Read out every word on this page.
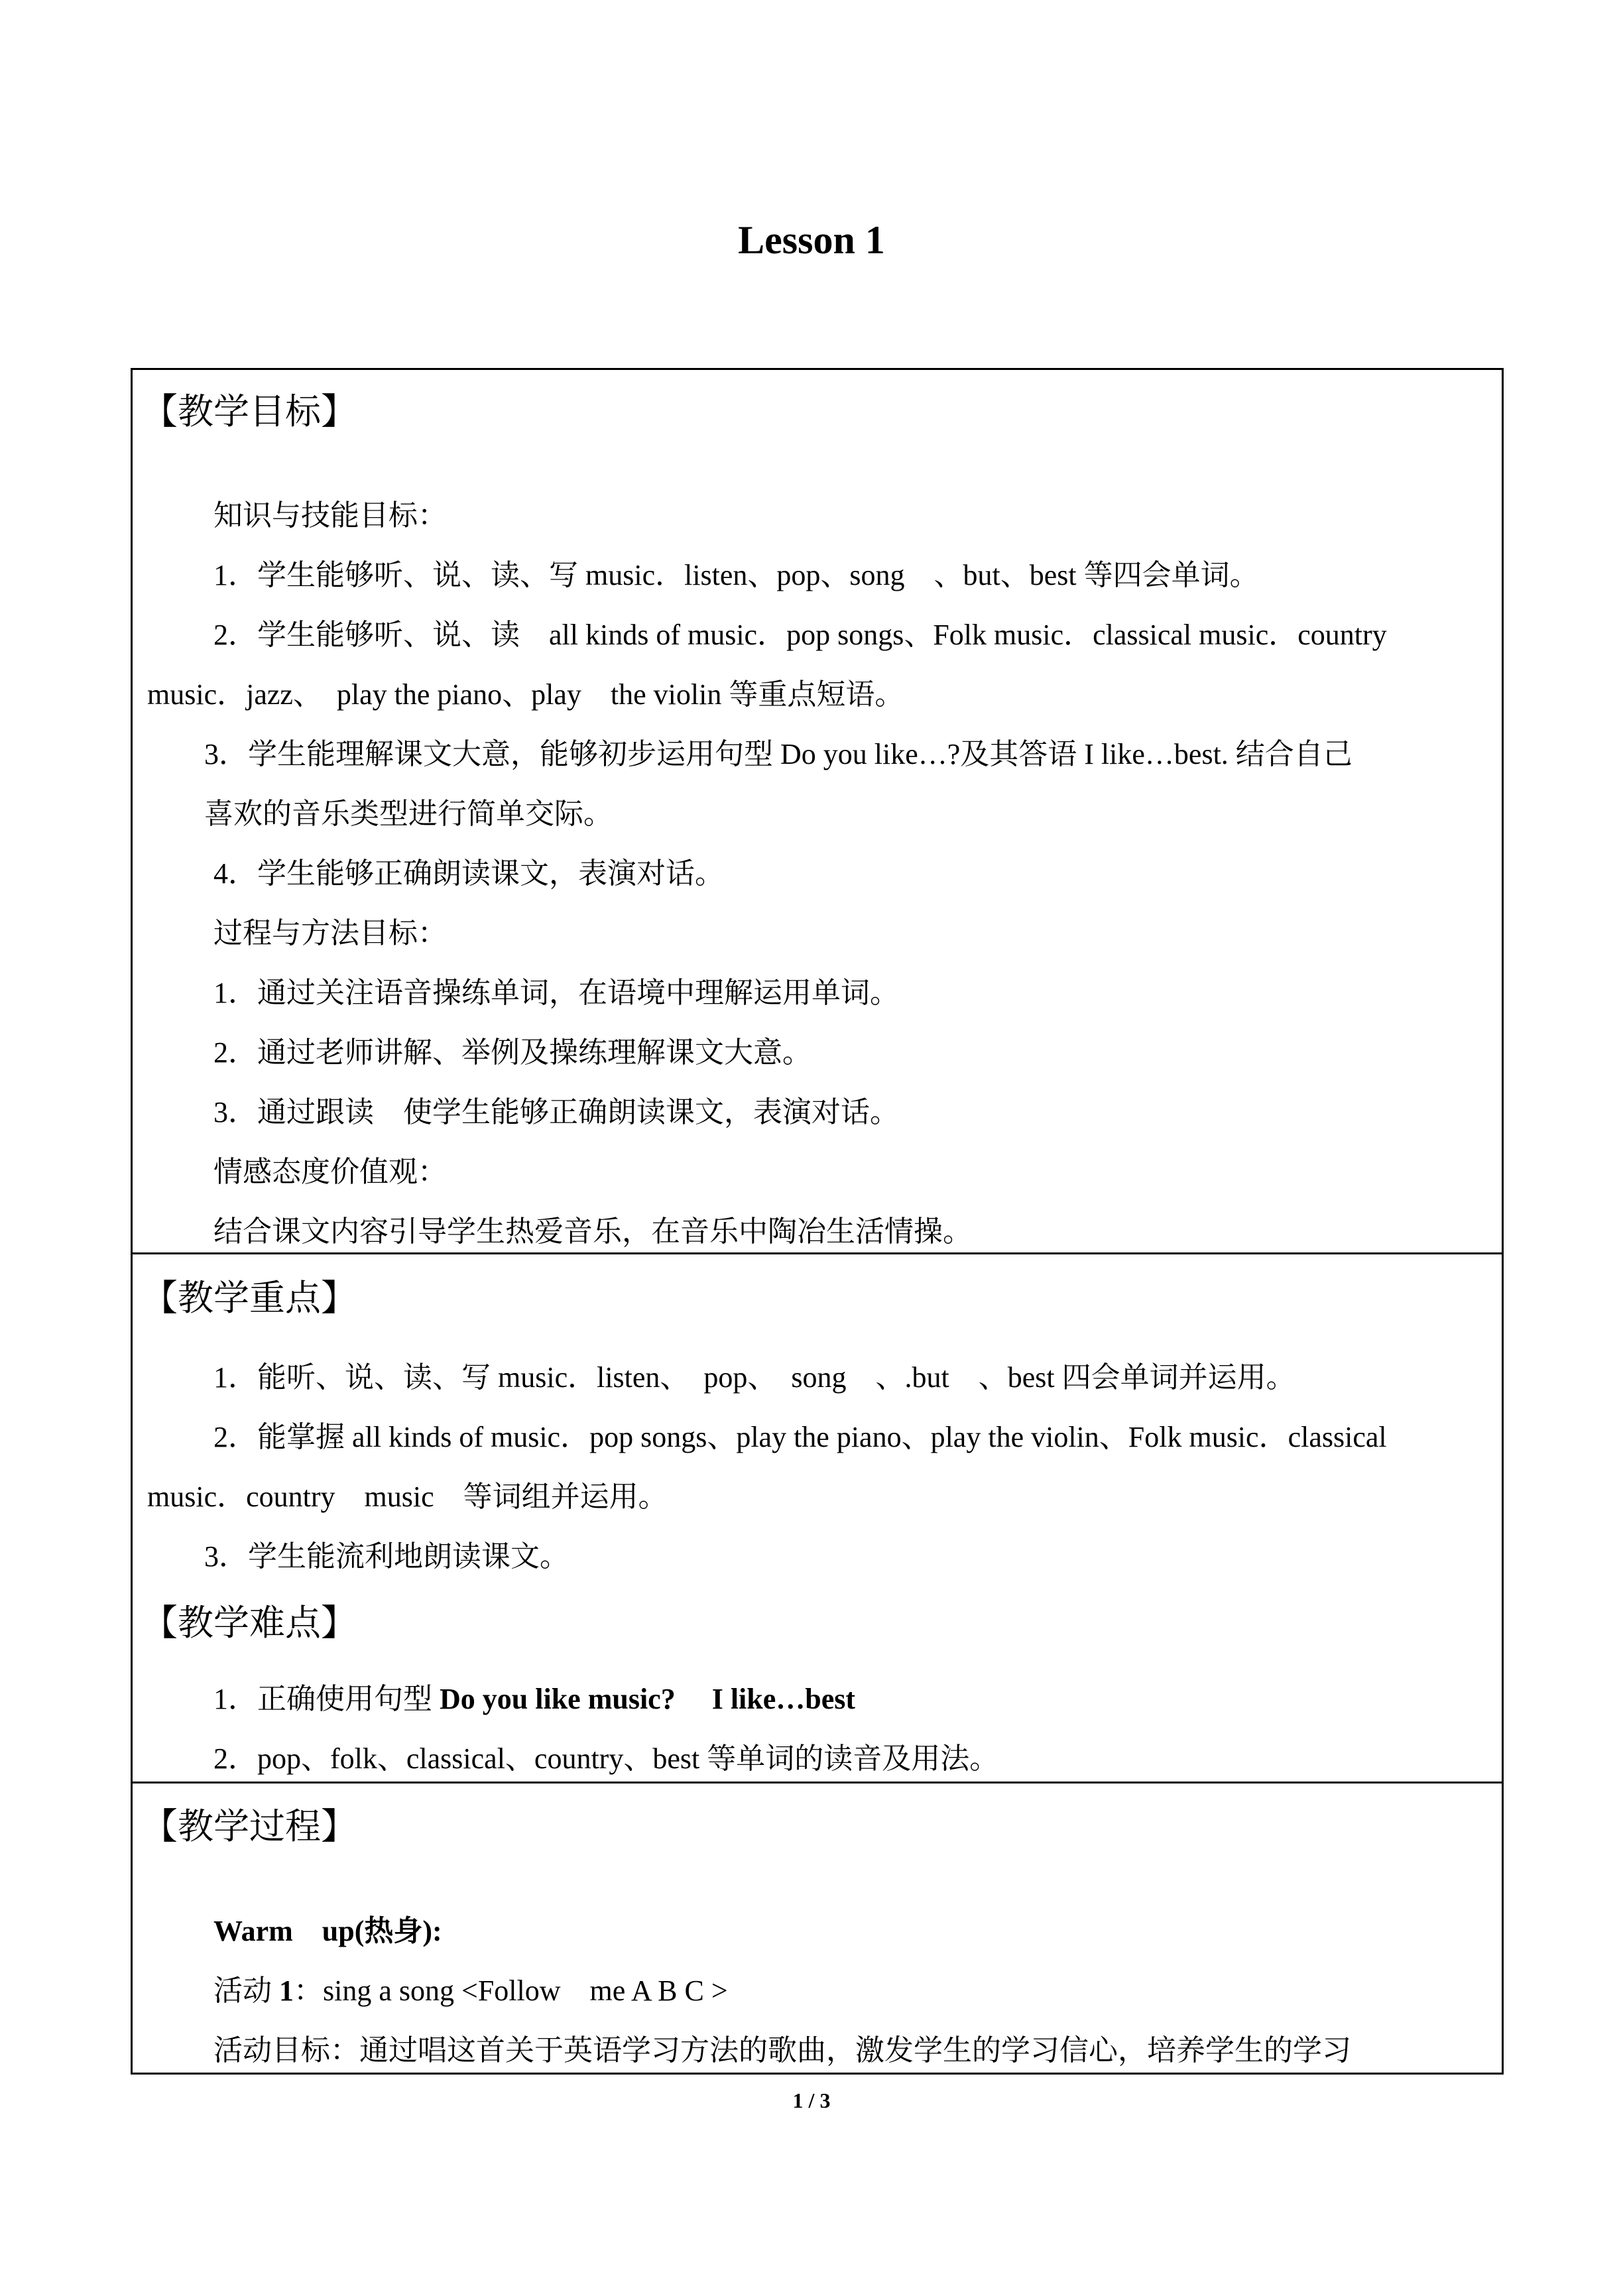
Lesson 1
【教学目标】
知识与技能目标：
1．学生能够听、说、读、写 music．listen、pop、song　、but、best 等四会单词。
2．学生能够听、说、读　all kinds of music．pop songs、Folk music．classical music．country
music．jazz、　play the piano、play　the violin 等重点短语。
3．学生能理解课文大意，能够初步运用句型 Do you like…?及其答语 I like…best. 结合自己
喜欢的音乐类型进行简单交际。
4．学生能够正确朗读课文，表演对话。
过程与方法目标：
1．通过关注语音操练单词，在语境中理解运用单词。
2．通过老师讲解、举例及操练理解课文大意。
3．通过跟读　使学生能够正确朗读课文，表演对话。
情感态度价值观：
结合课文内容引导学生热爱音乐，在音乐中陶冶生活情操。
【教学重点】
1．能听、说、读、写 music．listen、　pop、　song　、.but　、best 四会单词并运用。
2．能掌握 all kinds of music．pop songs、play the piano、play the violin、Folk music．classical
music．country　music　等词组并运用。
3．学生能流利地朗读课文。
【教学难点】
1．正确使用句型 Do you like music?　 I like…best
2．pop、folk、classical、country、best 等单词的读音及用法。
【教学过程】
Warm　up(热身):
活动 1：sing a song <Follow　me A B C >
活动目标：通过唱这首关于英语学习方法的歌曲，激发学生的学习信心，培养学生的学习
1 / 3
